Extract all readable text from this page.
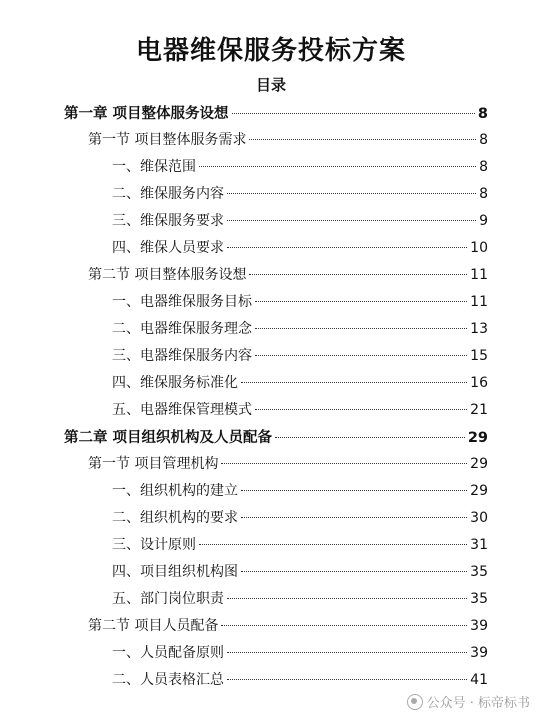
电器维保服务投标方案
目录
第一章 项目整体服务设想	8
第一节 项目整体服务需求	8
一、维保范围	8
二、维保服务内容	8
三、维保服务要求	9
四、维保人员要求	10
第二节 项目整体服务设想	11
一、电器维保服务目标	11
二、电器维保服务理念	13
三、电器维保服务内容	15
四、维保服务标准化	16
五、电器维保管理模式	21
第二章 项目组织机构及人员配备	29
第一节 项目管理机构	29
一、组织机构的建立	29
二、组织机构的要求	30
三、设计原则	31
四、项目组织机构图	35
五、部门岗位职责	35
第二节 项目人员配备	39
一、人员配备原则	39
二、人员表格汇总	41
公众号 · 标帝标书
